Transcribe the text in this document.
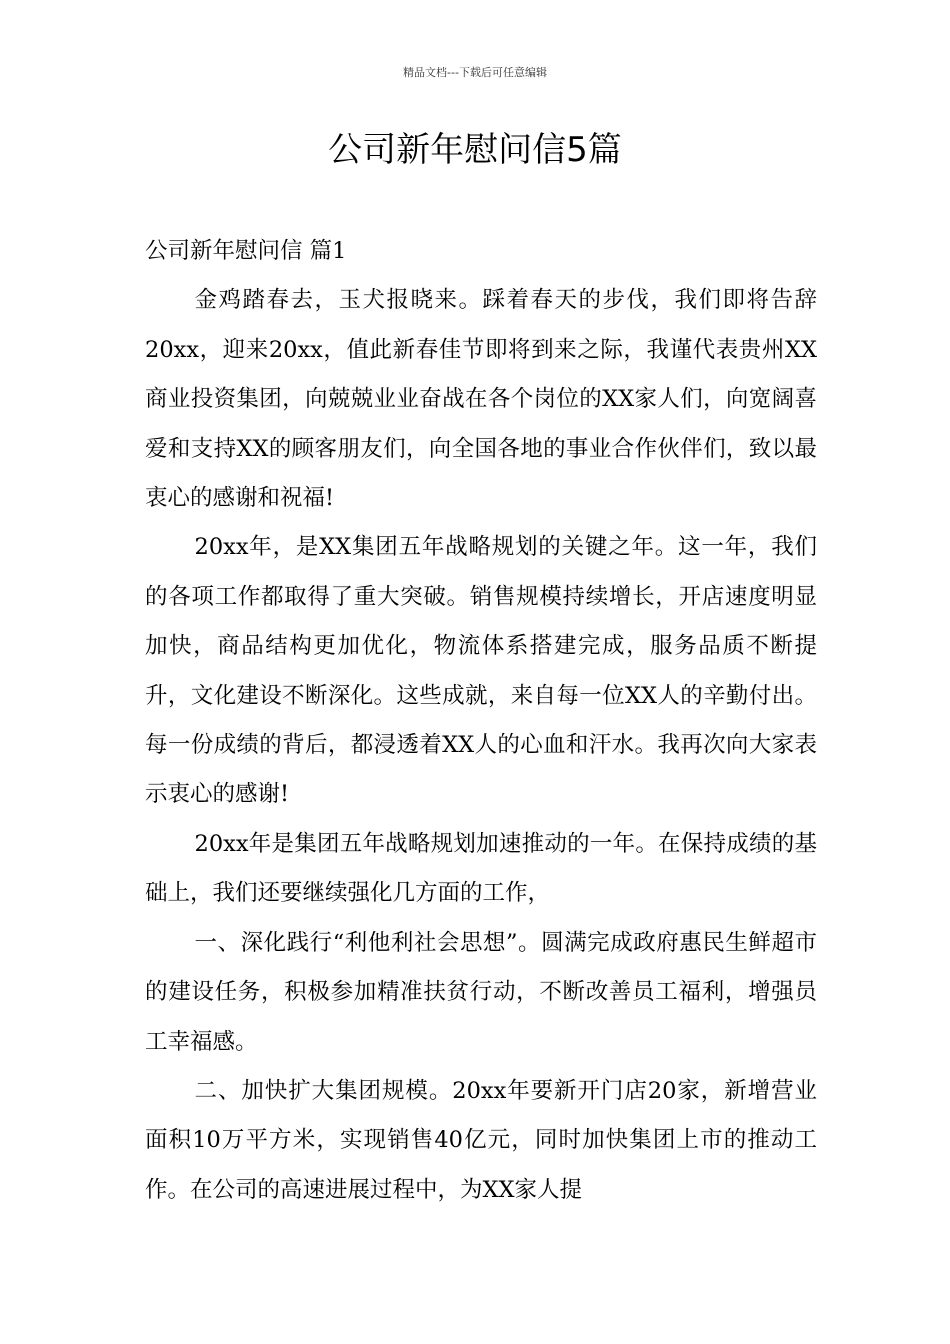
精品文档---下载后可任意编辑
公司新年慰问信5篇

公司新年慰问信 篇1

金鸡踏春去，玉犬报晓来。踩着春天的步伐，我们即将告辞20xx，迎来20xx，值此新春佳节即将到来之际，我谨代表贵州XX商业投资集团，向兢兢业业奋战在各个岗位的XX家人们，向宽阔喜爱和支持XX的顾客朋友们，向全国各地的事业合作伙伴们，致以最衷心的感谢和祝福!

20xx年，是XX集团五年战略规划的关键之年。这一年，我们的各项工作都取得了重大突破。销售规模持续增长，开店速度明显加快，商品结构更加优化，物流体系搭建完成，服务品质不断提升，文化建设不断深化。这些成就，来自每一位XX人的辛勤付出。每一份成绩的背后，都浸透着XX人的心血和汗水。我再次向大家表示衷心的感谢!

20xx年是集团五年战略规划加速推动的一年。在保持成绩的基础上，我们还要继续强化几方面的工作，

一、深化践行“利他利社会思想”。圆满完成政府惠民生鲜超市的建设任务，积极参加精准扶贫行动，不断改善员工福利，增强员工幸福感。

二、加快扩大集团规模。20xx年要新开门店20家，新增营业面积10万平方米，实现销售40亿元，同时加快集团上市的推动工作。在公司的高速进展过程中，为XX家人提
